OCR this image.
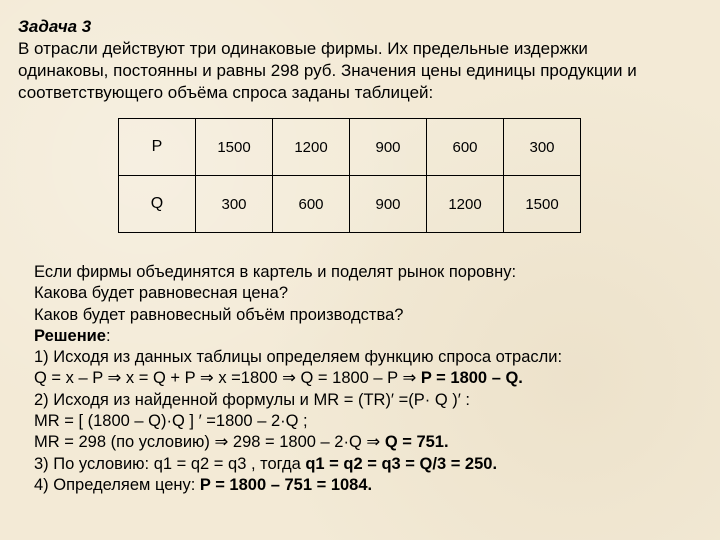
Задача 3
В отрасли действуют три одинаковые фирмы. Их предельные издержки
одинаковы, постоянны и равны 298 руб. Значения цены единицы продукции и
соответствующего объёма спроса заданы таблицей:
P	1500	1200	900	600	300
Q	300	600	900	1200	1500
Если фирмы объединятся в картель и поделят рынок поровну:
Какова будет равновесная цена?
Каков будет равновесный объём производства?
Решение:
1) Исходя из данных таблицы определяем функцию спроса отрасли:
Q = x – P ⇒ x = Q + P ⇒ x =1800 ⇒ Q = 1800 – P ⇒ P = 1800 – Q.
2) Исходя из найденной формулы и MR = (TR)′ =(P· Q )′ :
MR = [ (1800 – Q)·Q ] ′ =1800 – 2·Q ;
MR = 298 (по условию) ⇒ 298 = 1800 – 2·Q ⇒ Q = 751.
3) По условию: q1 = q2 = q3 , тогда q1 = q2 = q3 = Q/3 = 250.
4) Определяем цену: P = 1800 – 751 = 1084.
